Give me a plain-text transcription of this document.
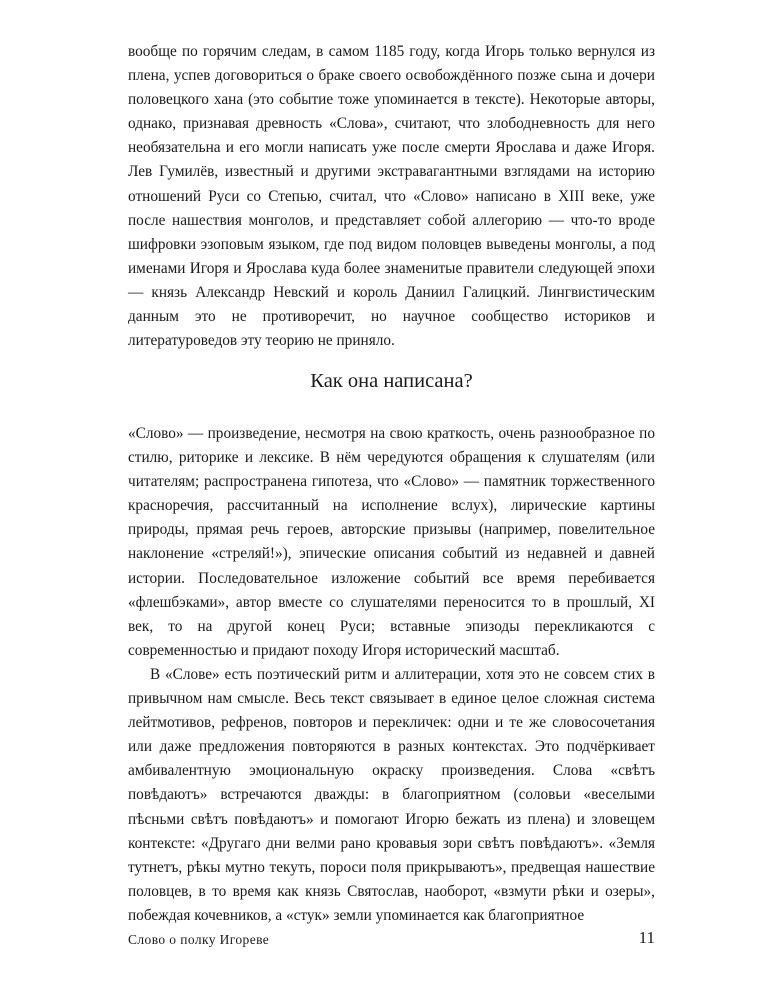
вообще по горячим следам, в самом 1185 году, когда Игорь только вернулся из плена, успев договориться о браке своего освобождённого позже сына и дочери половецкого хана (это событие тоже упоминается в тексте). Некоторые авторы, однако, признавая древность «Слова», считают, что злободневность для него необязательна и его могли написать уже после смерти Ярослава и даже Игоря. Лев Гумилёв, известный и другими экстравагантными взглядами на историю отношений Руси со Степью, считал, что «Слово» написано в XIII веке, уже после нашествия монголов, и представляет собой аллегорию — что-то вроде шифровки эзоповым языком, где под видом половцев выведены монголы, а под именами Игоря и Ярослава куда более знаменитые правители следующей эпохи — князь Александр Невский и король Даниил Галицкий. Лингвистическим данным это не противоречит, но научное сообщество историков и литературоведов эту теорию не приняло.

Как она написана?

«Слово» — произведение, несмотря на свою краткость, очень разнообразное по стилю, риторике и лексике. В нём чередуются обращения к слушателям (или читателям; распространена гипотеза, что «Слово» — памятник торжественного красноречия, рассчитанный на исполнение вслух), лирические картины природы, прямая речь героев, авторские призывы (например, повелительное наклонение «стреляй!»), эпические описания событий из недавней и давней истории. Последовательное изложение событий все время перебивается «флешбэками», автор вместе со слушателями переносится то в прошлый, XI век, то на другой конец Руси; вставные эпизоды перекликаются с современностью и придают походу Игоря исторический масштаб.

В «Слове» есть поэтический ритм и аллитерации, хотя это не совсем стих в привычном нам смысле. Весь текст связывает в единое целое сложная система лейтмотивов, рефренов, повторов и перекличек: одни и те же словосочетания или даже предложения повторяются в разных контекстах. Это подчёркивает амбивалентную эмоциональную окраску произведения. Слова «свѣтъ повѣдаютъ» встречаются дважды: в благоприятном (соловьи «веселыми пѣсньми свѣтъ повѣдаютъ» и помогают Игорю бежать из плена) и зловещем контексте: «Другаго дни велми рано кровавыя зори свѣтъ повѣдаютъ». «Земля тутнетъ, рѣкы мутно текуть, пороси поля прикрываютъ», предвещая нашествие половцев, в то время как князь Святослав, наоборот, «взмути рѣки и озеры», побеждая кочевников, а «стук» земли упоминается как благоприятное

Слово о полку Игореве	11
